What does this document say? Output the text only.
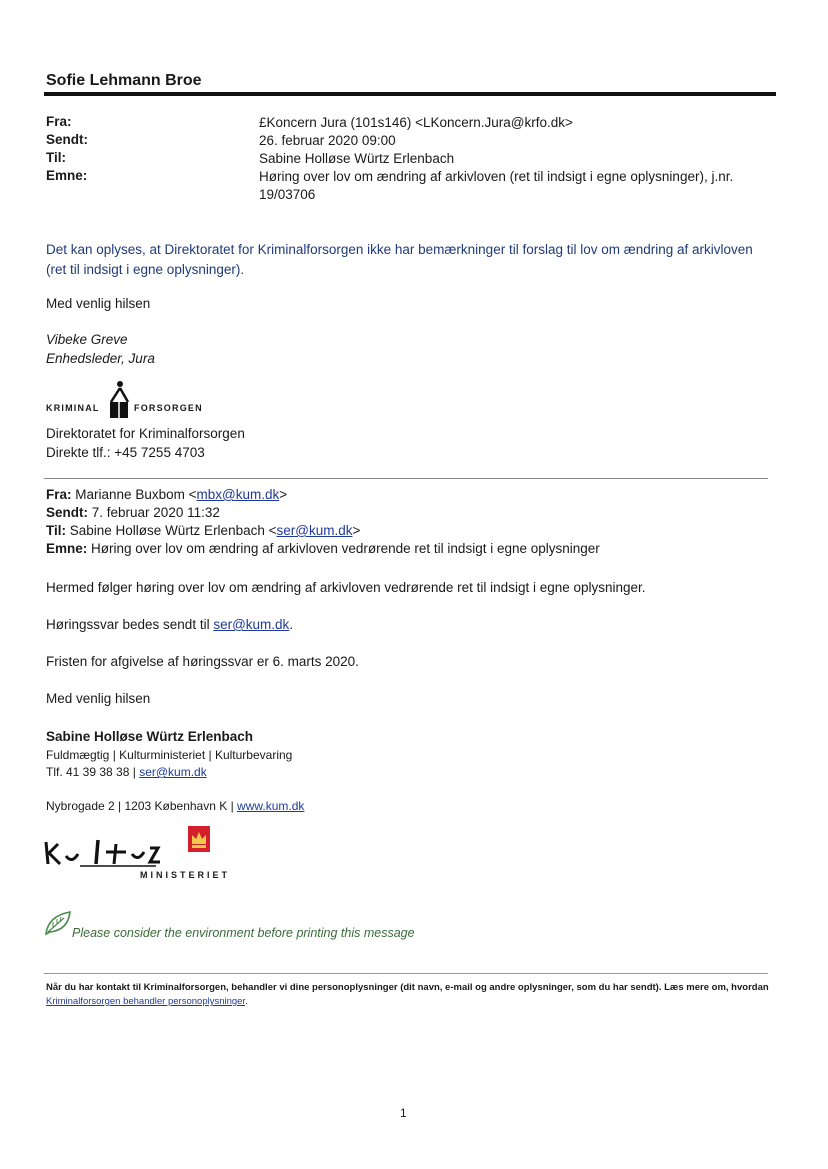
Sofie Lehmann Broe
Fra:	£Koncern Jura (101s146) <LKoncern.Jura@krfo.dk>
Sendt:	26. februar 2020 09:00
Til:	Sabine Holløse Würtz Erlenbach
Emne:	Høring over lov om ændring af arkivloven (ret til indsigt i egne oplysninger), j.nr. 19/03706
Det kan oplyses, at Direktoratet for Kriminalforsorgen ikke har bemærkninger til forslag til lov om ændring af arkivloven (ret til indsigt i egne oplysninger).
Med venlig hilsen
Vibeke Greve
Enhedsleder, Jura
KRIMINAL	FORSORGEN
Direktoratet for Kriminalforsorgen
Direkte tlf.: +45 7255 4703
Fra: Marianne Buxbom <mbx@kum.dk>
Sendt: 7. februar 2020 11:32
Til: Sabine Holløse Würtz Erlenbach <ser@kum.dk>
Emne: Høring over lov om ændring af arkivloven vedrørende ret til indsigt i egne oplysninger
Hermed følger høring over lov om ændring af arkivloven vedrørende ret til indsigt i egne oplysninger.
Høringssvar bedes sendt til ser@kum.dk.
Fristen for afgivelse af høringssvar er 6. marts 2020.
Med venlig hilsen
Sabine Holløse Würtz Erlenbach
Fuldmægtig | Kulturministeriet | Kulturbevaring
Tlf. 41 39 38 38 | ser@kum.dk
Nybrogade 2 | 1203 København K | www.kum.dk
MINISTERIET
Please consider the environment before printing this message
Når du har kontakt til Kriminalforsorgen, behandler vi dine personoplysninger (dit navn, e-mail og andre oplysninger, som du har sendt). Læs mere om, hvordan Kriminalforsorgen behandler personoplysninger.
1
